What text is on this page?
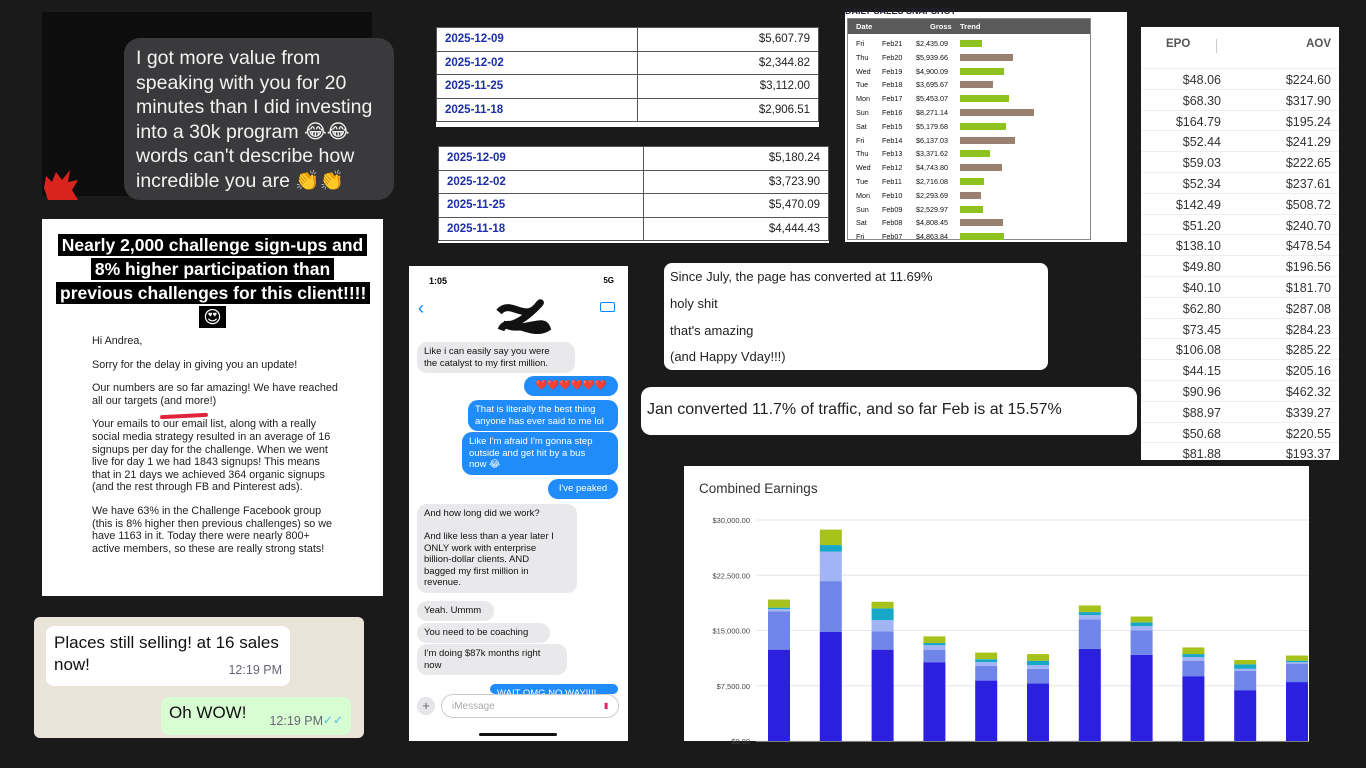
I got more value from
speaking with you for 20
minutes than I did investing
into a 30k program 😂😂
words can't describe how
incredible you are 👏👏
Nearly 2,000 challenge sign-ups and 8% higher participation than previous challenges for this client!!!! 😍

Hi Andrea,

Sorry for the delay in giving you an update!

Our numbers are so far amazing! We have reached
all our targets (and more!)

Your emails to our email list, along with a really
social media strategy resulted in an average of 16
signups per day for the challenge. When we went
live for day 1 we had 1843 signups! This means
that in 21 days we achieved 364 organic signups
(and the rest through FB and Pinterest ads).

We have 63% in the Challenge Facebook group
(this is 8% higher then previous challenges) so we
have 1163 in it. Today there were nearly 800+
active members, so these are really strong stats!

Places still selling! at 16 sales
now!	12:19 PM
Oh WOW! 12:19 PM ✓✓
2025-12-09	$5,607.79
2025-12-02	$2,344.82
2025-11-25	$3,112.00
2025-11-18	$2,906.51
2025-12-09	$5,180.24
2025-12-02	$3,723.90
2025-11-25	$5,470.09
2025-11-18	$4,444.43
DAILY SALES SNAPSHOT
Date	Gross Trend
Fri Feb21 $2,435.09
Thu Feb20 $5,939.66
Wed Feb19 $4,900.09
Tue Feb18 $3,695.67
Mon Feb17 $5,453.07
Sun Feb16 $8,271.14
Sat Feb15 $5,179.68
Fri Feb14 $6,137.03
Thu Feb13 $3,371.62
Wed Feb12 $4,743.80
Tue Feb11 $2,716.08
Mon Feb10 $2,293.69
Sun Feb09 $2,529.97
Sat Feb08 $4,808.45
Fri Feb07 $4,863.84
EPO	AOV
$48.06	$224.60
$68.30	$317.90
$164.79	$195.24
$52.44	$241.29
$59.03	$222.65
$52.34	$237.61
$142.49	$508.72
$51.20	$240.70
$138.10	$478.54
$49.80	$196.56
$40.10	$181.70
$62.80	$287.08
$73.45	$284.23
$106.08	$285.22
$44.15	$205.16
$90.96	$462.32
$88.97	$339.27
$50.68	$220.55
$81.88	$193.37
Since July, the page has converted at 11.69%
holy shit
that's amazing
(and Happy Vday!!!)
Jan converted 11.7% of traffic, and so far Feb is at 15.57%
Combined Earnings
$0.00
$7,500.00
$15,000.00
$22,500.00
$30,000.00
1:05	5G
‹
Like i can easily say you were
the catalyst to my first million.
❤️❤️❤️❤️❤️❤️
That is literally the best thing
anyone has ever said to me lol
Like I'm afraid I'm gonna step
outside and get hit by a bus
now 😂
I've peaked
And how long did we work?

And like less than a year later I
ONLY work with enterprise
billion-dollar clients. AND
bagged my first million in
revenue.
Yeah. Ummm
You need to be coaching
I'm doing $87k months right
now
WAIT OMG NO WAY!!!!
+	iMessage	▮
